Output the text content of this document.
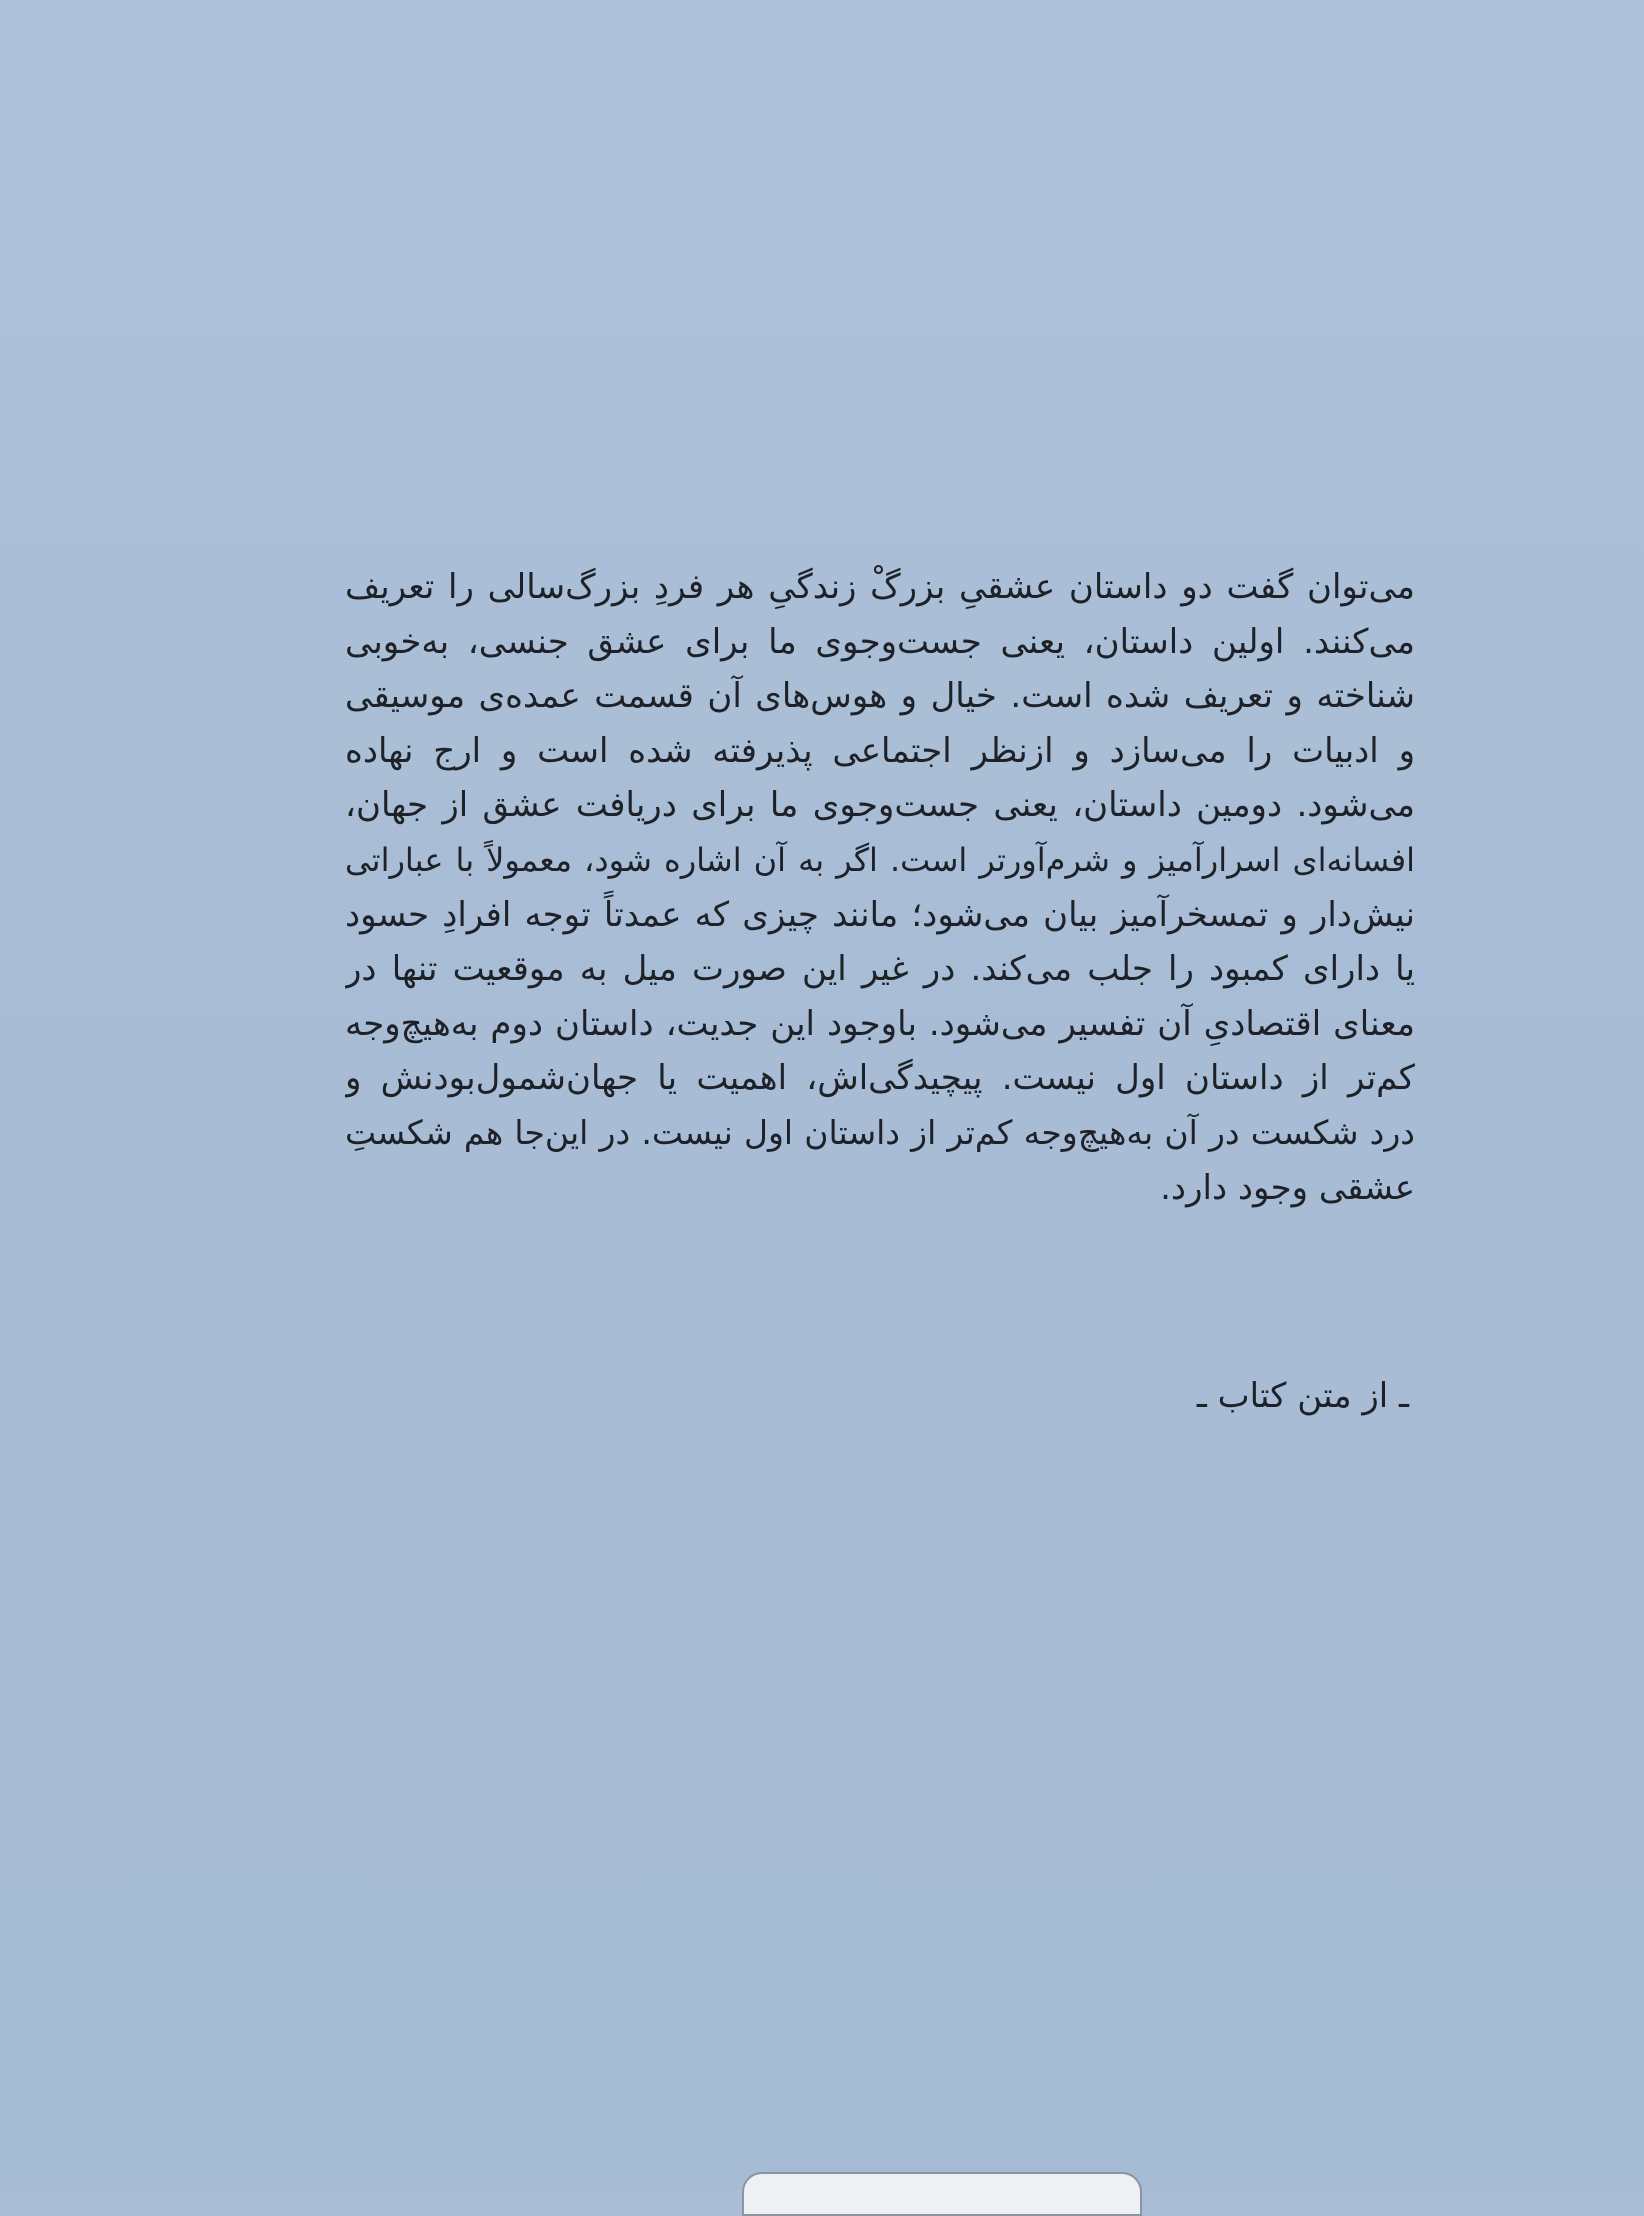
می‌توان گفت دو داستان عشقیِ بزرگْ زندگیِ هر فردِ بزرگ‌سالی را تعریف
می‌کنند. اولین داستان، یعنی جست‌وجوی ما برای عشق جنسی، به‌خوبی
شناخته و تعریف شده است. خیال و هوس‌های آن قسمت عمده‌ی موسیقی
و ادبیات را می‌سازد و ازنظر اجتماعی پذیرفته شده است و ارج نهاده
می‌شود. دومین داستان، یعنی جست‌وجوی ما برای دریافت عشق از جهان،
افسانه‌ای اسرارآمیز و شرم‌آورتر است. اگر به آن اشاره شود، معمولاً با عباراتی
نیش‌دار و تمسخرآمیز بیان می‌شود؛ مانند چیزی که عمدتاً توجه افرادِ حسود
یا دارای کمبود را جلب می‌کند. در غیر این صورت میل به موقعیت تنها در
معنای اقتصادیِ آن تفسیر می‌شود. باوجود این جدیت، داستان دوم به‌هیچ‌وجه
کم‌تر از داستان اول نیست. پیچیدگی‌اش، اهمیت یا جهان‌شمول‌بودنش و
درد شکست در آن به‌هیچ‌وجه کم‌تر از داستان اول نیست. در این‌جا هم شکستِ
عشقی وجود دارد.
ـ از متن کتاب ـ
